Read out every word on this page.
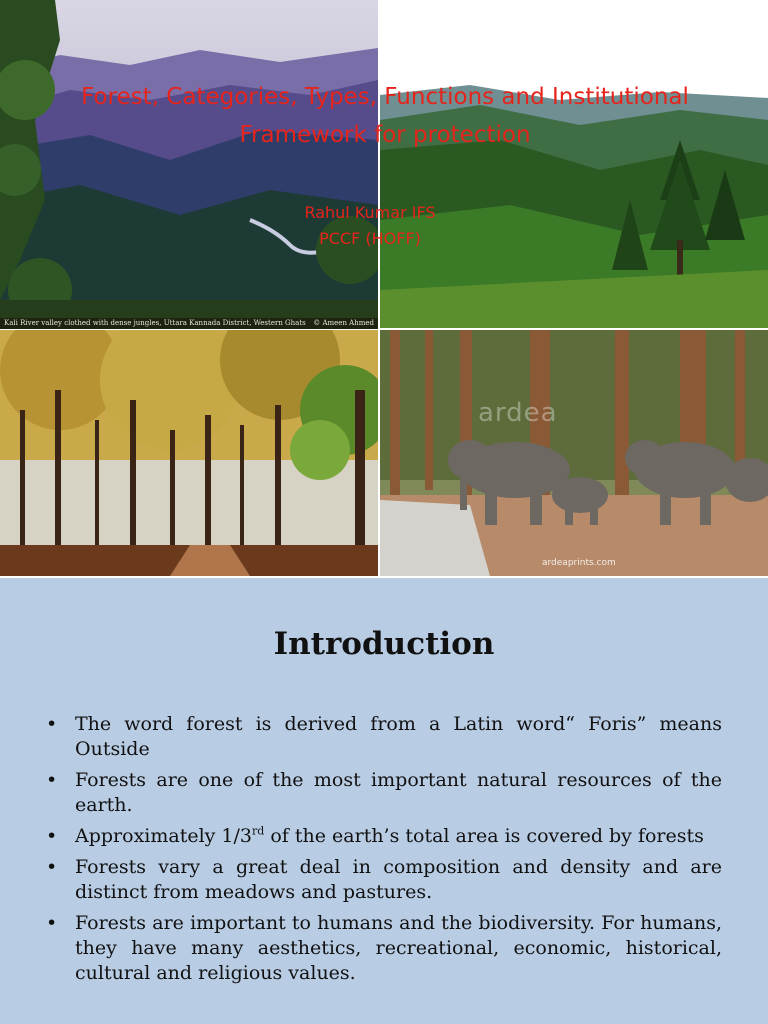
Kali River valley clothed with dense jungles, Uttara Kannada District, Western Ghats © Ameen Ahmed
ardea
ardeaprints.com
Forest, Categories, Types, Functions and Institutional Framework for protection
Rahul Kumar IFS
PCCF (HOFF)
Introduction
• The word forest is derived from a Latin word“ Foris” means Outside
• Forests are one of the most important natural resources of the earth.
• Approximately 1/3rd of the earth’s total area is covered by forests
• Forests vary a great deal in composition and density and are distinct from meadows and pastures.
• Forests are important to humans and the biodiversity. For humans, they have many aesthetics, recreational, economic, historical, cultural and religious values.
